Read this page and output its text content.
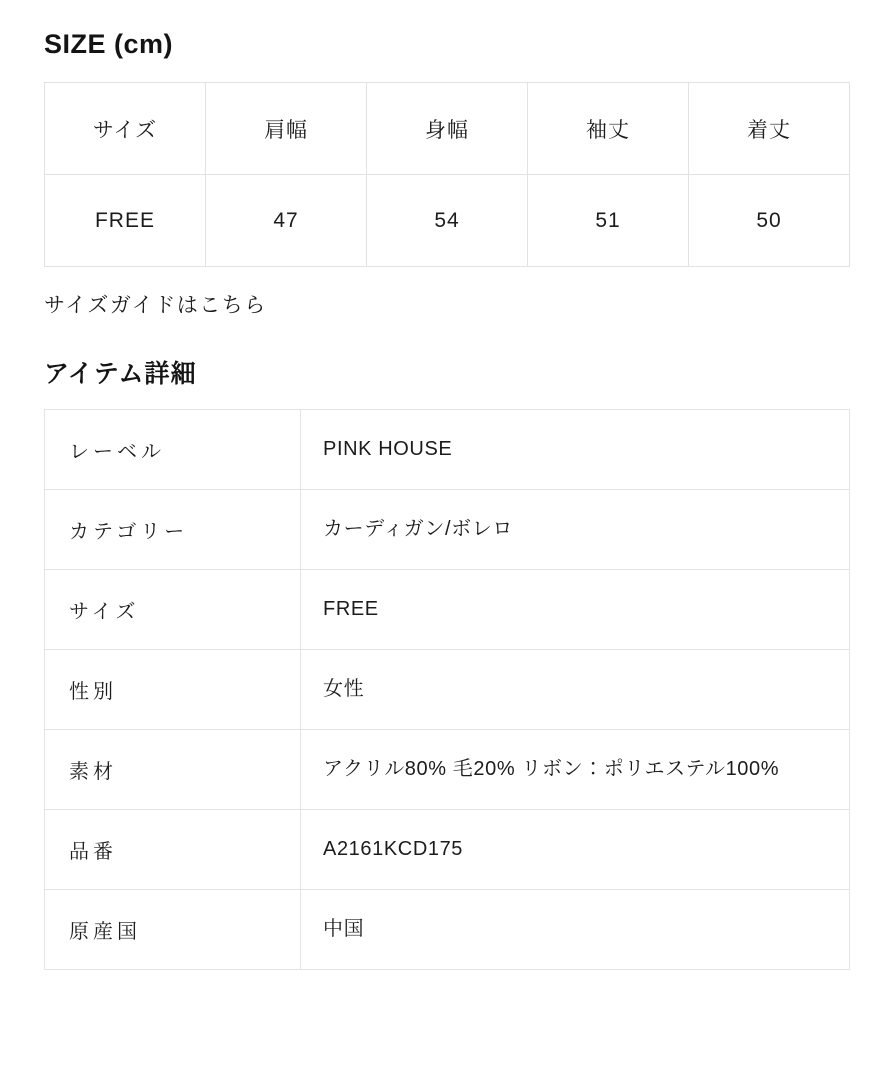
SIZE (cm)
サイズ	肩幅	身幅	袖丈	着丈
FREE	47	54	51	50
サイズガイドはこちら
アイテム詳細
レーベル	PINK HOUSE
カテゴリー	カーディガン/ボレロ
サイズ	FREE
性別	女性
素材	アクリル80% 毛20% リボン：ポリエステル100%
品番	A2161KCD175
原産国	中国
